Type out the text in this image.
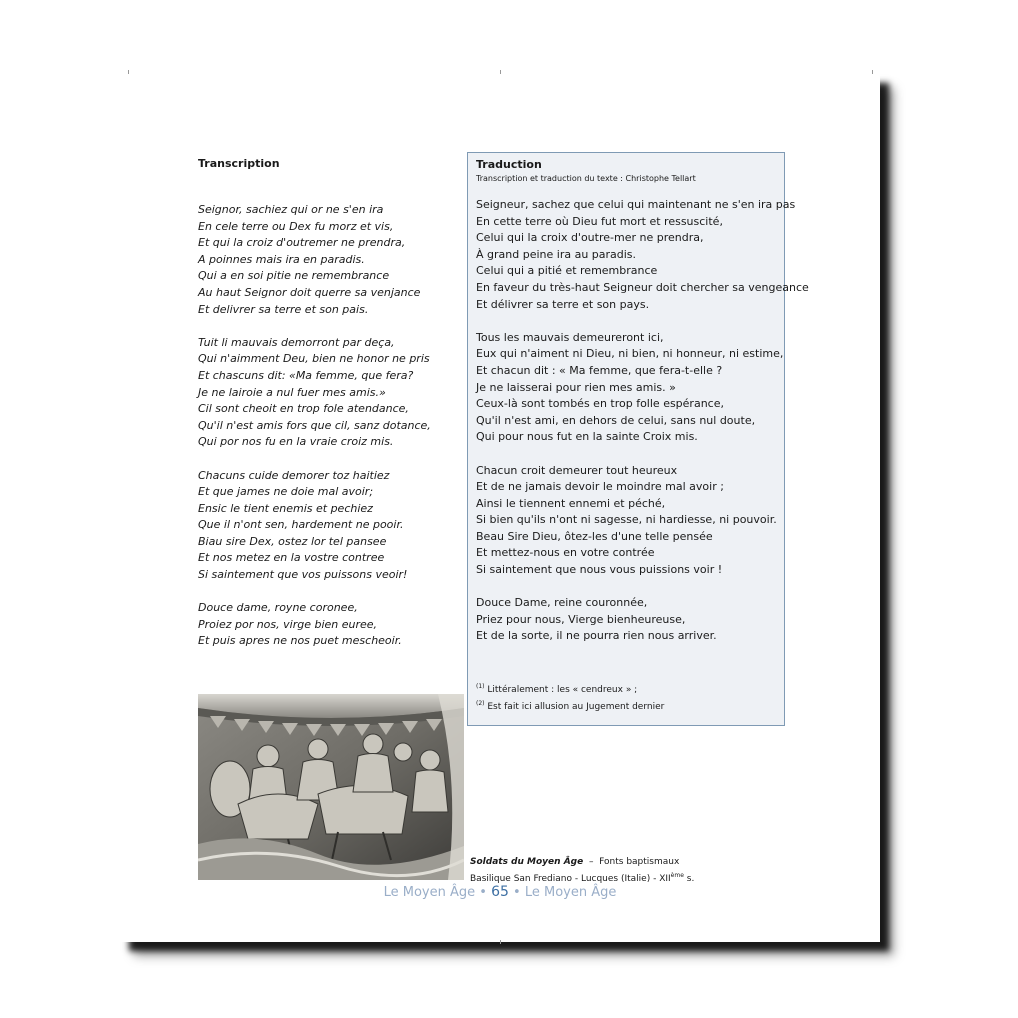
Transcription
Seignor, sachiez qui or ne s'en ira
En cele terre ou Dex fu morz et vis,
Et qui la croiz d'outremer ne prendra,
A poinnes mais ira en paradis.
Qui a en soi pitie ne remembrance
Au haut Seignor doit querre sa venjance
Et delivrer sa terre et son pais.
Tuit li mauvais demorront par deça,
Qui n'aimment Deu, bien ne honor ne pris
Et chascuns dit: «Ma femme, que fera?
Je ne lairoie a nul fuer mes amis.»
Cil sont cheoit en trop fole atendance,
Qu'il n'est amis fors que cil, sanz dotance,
Qui por nos fu en la vraie croiz mis.
Chacuns cuide demorer toz haitiez
Et que james ne doie mal avoir;
Ensic le tient enemis et pechiez
Que il n'ont sen, hardement ne pooir.
Biau sire Dex, ostez lor tel pansee
Et nos metez en la vostre contree
Si saintement que vos puissons veoir!
Douce dame, royne coronee,
Proiez por nos, virge bien euree,
Et puis apres ne nos puet mescheoir.
Traduction
Transcription et traduction du texte : Christophe Tellart
Seigneur, sachez que celui qui maintenant ne s'en ira pas
En cette terre où Dieu fut mort et ressuscité,
Celui qui la croix d'outre-mer ne prendra,
À grand peine ira au paradis.
Celui qui a pitié et remembrance
En faveur du très-haut Seigneur doit chercher sa vengeance
Et délivrer sa terre et son pays.
Tous les mauvais demeureront ici,
Eux qui n'aiment ni Dieu, ni bien, ni honneur, ni estime,
Et chacun dit : « Ma femme, que fera-t-elle ?
Je ne laisserai pour rien mes amis. »
Ceux-là sont tombés en trop folle espérance,
Qu'il n'est ami, en dehors de celui, sans nul doute,
Qui pour nous fut en la sainte Croix mis.
Chacun croit demeurer tout heureux
Et de ne jamais devoir le moindre mal avoir ;
Ainsi le tiennent ennemi et péché,
Si bien qu'ils n'ont ni sagesse, ni hardiesse, ni pouvoir.
Beau Sire Dieu, ôtez-les d'une telle pensée
Et mettez-nous en votre contrée
Si saintement que nous vous puissions voir !
Douce Dame, reine couronnée,
Priez pour nous, Vierge bienheureuse,
Et de la sorte, il ne pourra rien nous arriver.
$^{(1)}$ Littéralement : les « cendreux » ;
$^{(2)}$ Est fait ici allusion au Jugement dernier
Soldats du Moyen Âge – Fonts baptismaux
Basilique San Frediano - Lucques (Italie) - XIIème s.
Le Moyen Âge • 65 • Le Moyen Âge
